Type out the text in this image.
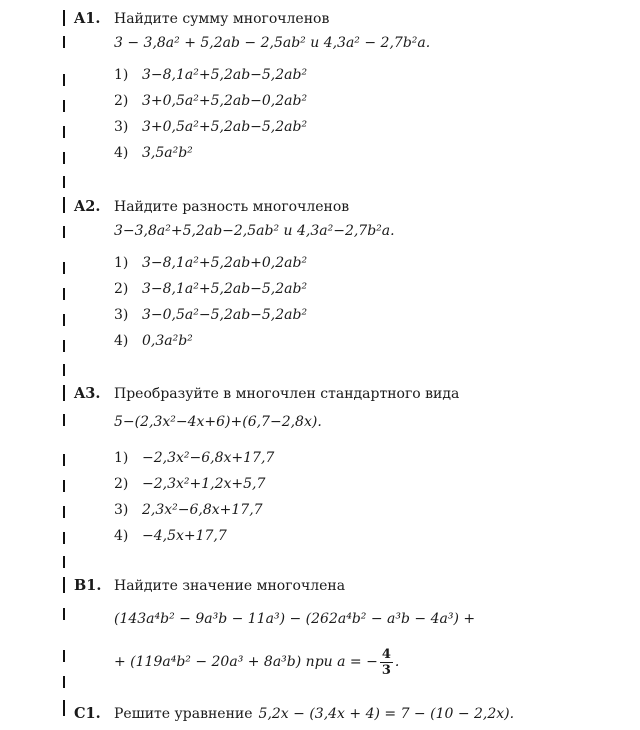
A1. Найдите сумму многочленов
3 − 3,8a² + 5,2ab − 2,5ab² и 4,3a² − 2,7b²a.
1) 3−8,1a²+5,2ab−5,2ab²
2) 3+0,5a²+5,2ab−0,2ab²
3) 3+0,5a²+5,2ab−5,2ab²
4) 3,5a²b²
A2. Найдите разность многочленов
3−3,8a²+5,2ab−2,5ab² и 4,3a²−2,7b²a.
1) 3−8,1a²+5,2ab+0,2ab²
2) 3−8,1a²+5,2ab−5,2ab²
3) 3−0,5a²−5,2ab−5,2ab²
4) 0,3a²b²
A3. Преобразуйте в многочлен стандартного вида
5−(2,3x²−4x+6)+(6,7−2,8x).
1) −2,3x²−6,8x+17,7
2) −2,3x²+1,2x+5,7
3) 2,3x²−6,8x+17,7
4) −4,5x+17,7
B1. Найдите значение многочлена
(143a⁴b² − 9a³b − 11a³) − (262a⁴b² − a³b − 4a³) +
+ (119a⁴b² − 20a³ + 8a³b) при a = − $\frac{4}{3}$ .
C1. Решите уравнение 5,2x − (3,4x + 4) = 7 − (10 − 2,2x).
